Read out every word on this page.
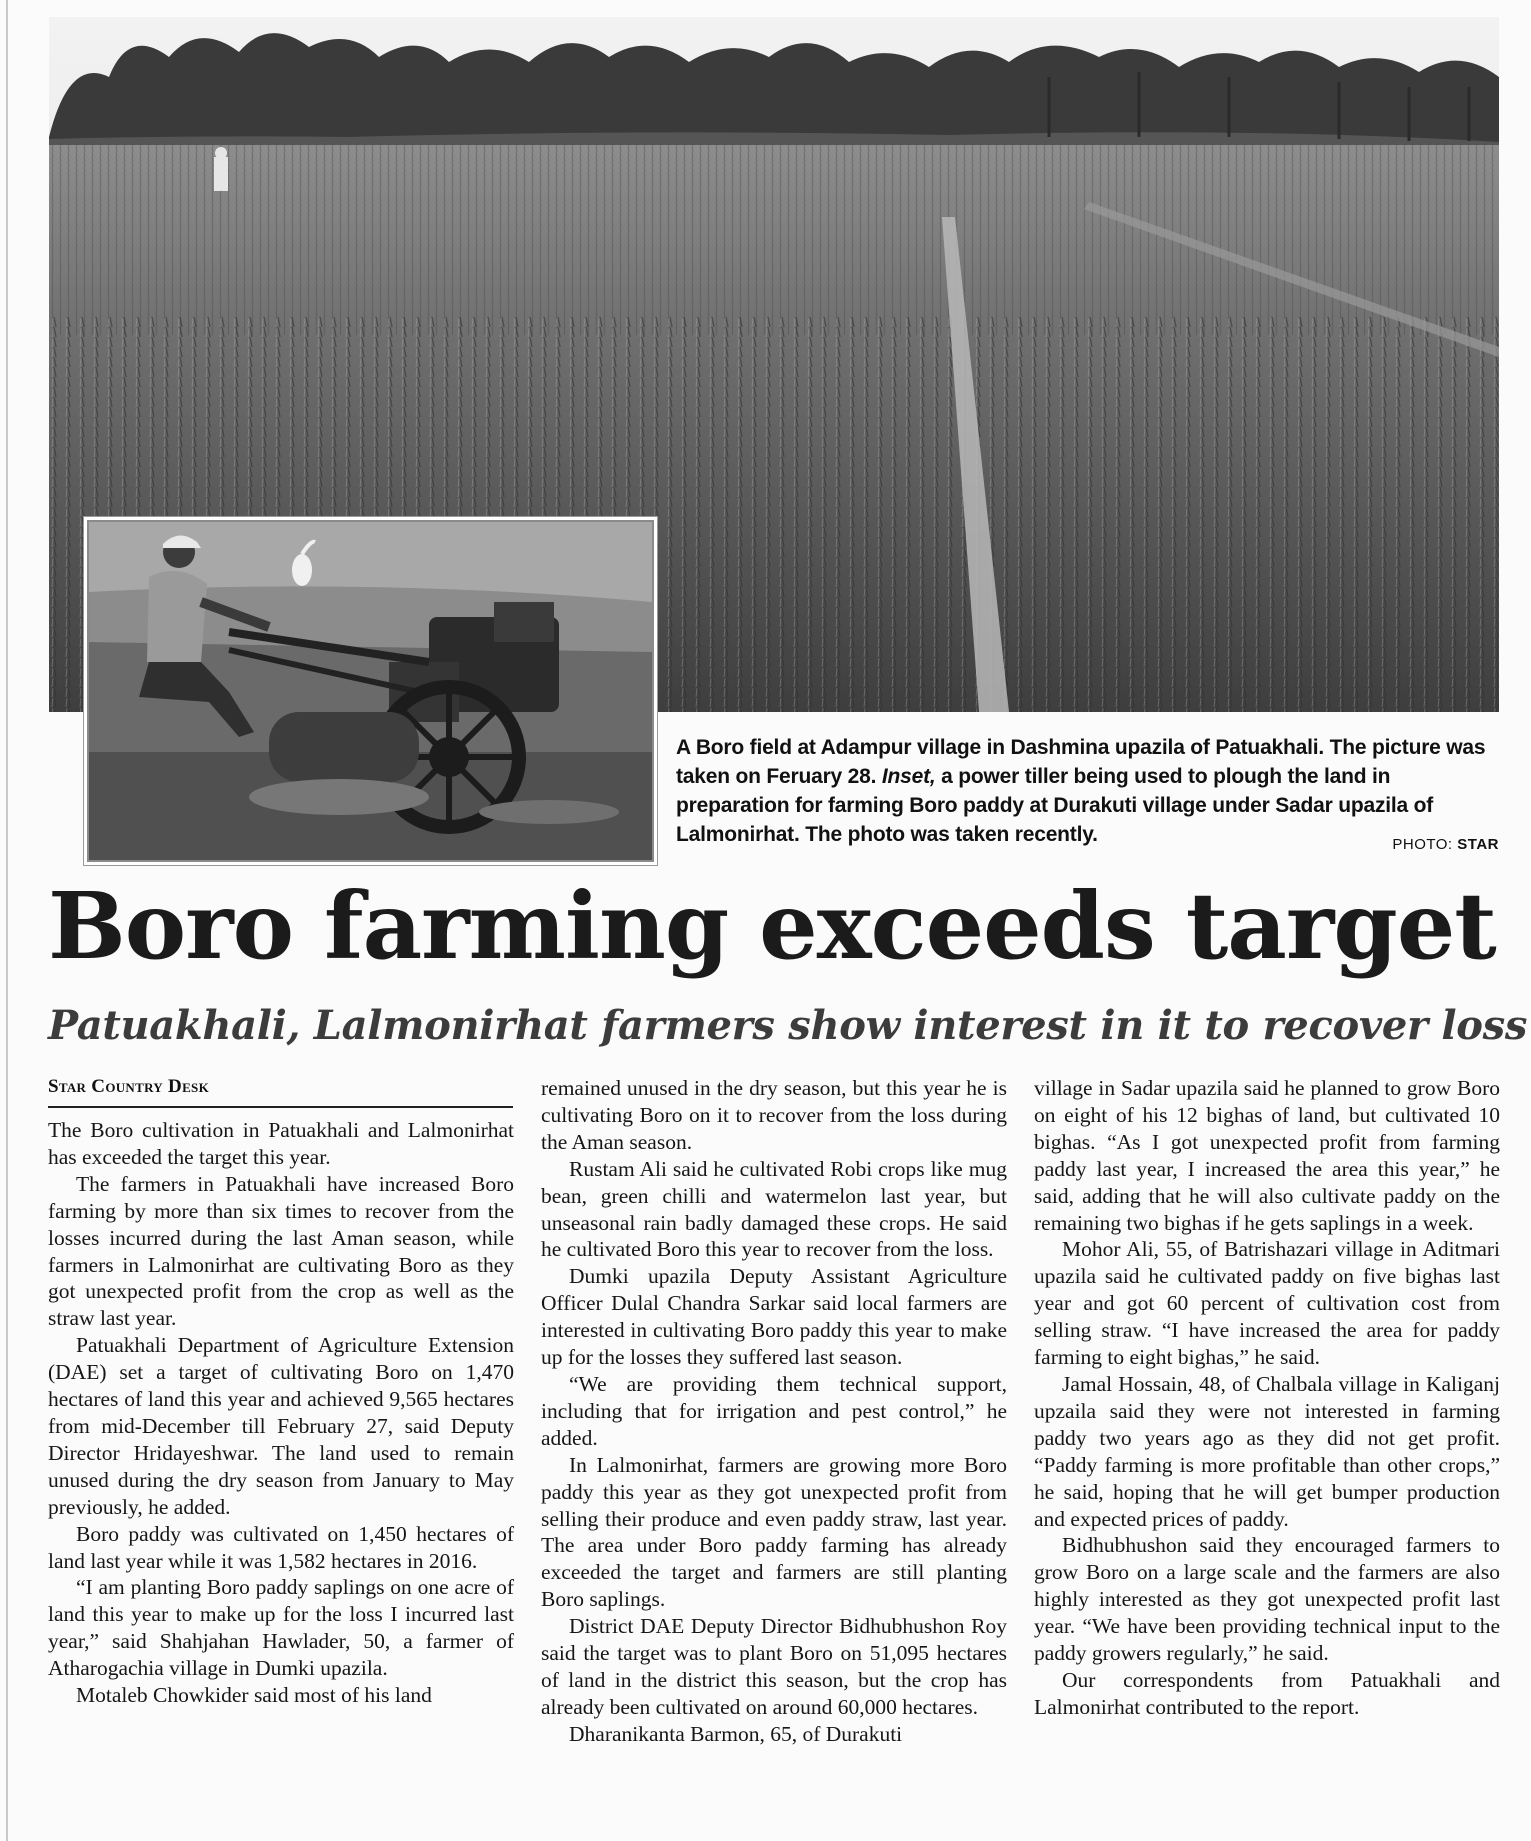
A Boro field at Adampur village in Dashmina upazila of Patuakhali. The picture was taken on Feruary 28. Inset, a power tiller being used to plough the land in preparation for farming Boro paddy at Durakuti village under Sadar upazila of Lalmonirhat. The photo was taken recently.	PHOTO: STAR
Boro farming exceeds target
Patuakhali, Lalmonirhat farmers show interest in it to recover loss
Star Country Desk

The Boro cultivation in Patuakhali and Lalmonirhat has exceeded the target this year.

The farmers in Patuakhali have increased Boro farming by more than six times to recover from the losses incurred during the last Aman season, while farmers in Lalmonirhat are cultivating Boro as they got unexpected profit from the crop as well as the straw last year.

Patuakhali Department of Agriculture Extension (DAE) set a target of cultivating Boro on 1,470 hectares of land this year and achieved 9,565 hectares from mid-December till February 27, said Deputy Director Hridayeshwar. The land used to remain unused during the dry season from January to May previously, he added.

Boro paddy was cultivated on 1,450 hectares of land last year while it was 1,582 hectares in 2016.

“I am planting Boro paddy saplings on one acre of land this year to make up for the loss I incurred last year,” said Shahjahan Hawlader, 50, a farmer of Atharogachia village in Dumki upazila.

Motaleb Chowkider said most of his land

remained unused in the dry season, but this year he is cultivating Boro on it to recover from the loss during the Aman season.

Rustam Ali said he cultivated Robi crops like mug bean, green chilli and watermelon last year, but unseasonal rain badly damaged these crops. He said he cultivated Boro this year to recover from the loss.

Dumki upazila Deputy Assistant Agriculture Officer Dulal Chandra Sarkar said local farmers are interested in cultivating Boro paddy this year to make up for the losses they suffered last season.

“We are providing them technical support, including that for irrigation and pest control,” he added.

In Lalmonirhat, farmers are growing more Boro paddy this year as they got unexpected profit from selling their produce and even paddy straw, last year. The area under Boro paddy farming has already exceeded the target and farmers are still planting Boro saplings.

District DAE Deputy Director Bidhubhushon Roy said the target was to plant Boro on 51,095 hectares of land in the district this season, but the crop has already been cultivated on around 60,000 hectares.

Dharanikanta Barmon, 65, of Durakuti

village in Sadar upazila said he planned to grow Boro on eight of his 12 bighas of land, but cultivated 10 bighas. “As I got unexpected profit from farming paddy last year, I increased the area this year,” he said, adding that he will also cultivate paddy on the remaining two bighas if he gets saplings in a week.

Mohor Ali, 55, of Batrishazari village in Aditmari upazila said he cultivated paddy on five bighas last year and got 60 percent of cultivation cost from selling straw. “I have increased the area for paddy farming to eight bighas,” he said.

Jamal Hossain, 48, of Chalbala village in Kaliganj upzaila said they were not interested in farming paddy two years ago as they did not get profit. “Paddy farming is more profitable than other crops,” he said, hoping that he will get bumper production and expected prices of paddy.

Bidhubhushon said they encouraged farmers to grow Boro on a large scale and the farmers are also highly interested as they got unexpected profit last year. “We have been providing technical input to the paddy growers regularly,” he said.

Our correspondents from Patuakhali and Lalmonirhat contributed to the report.
